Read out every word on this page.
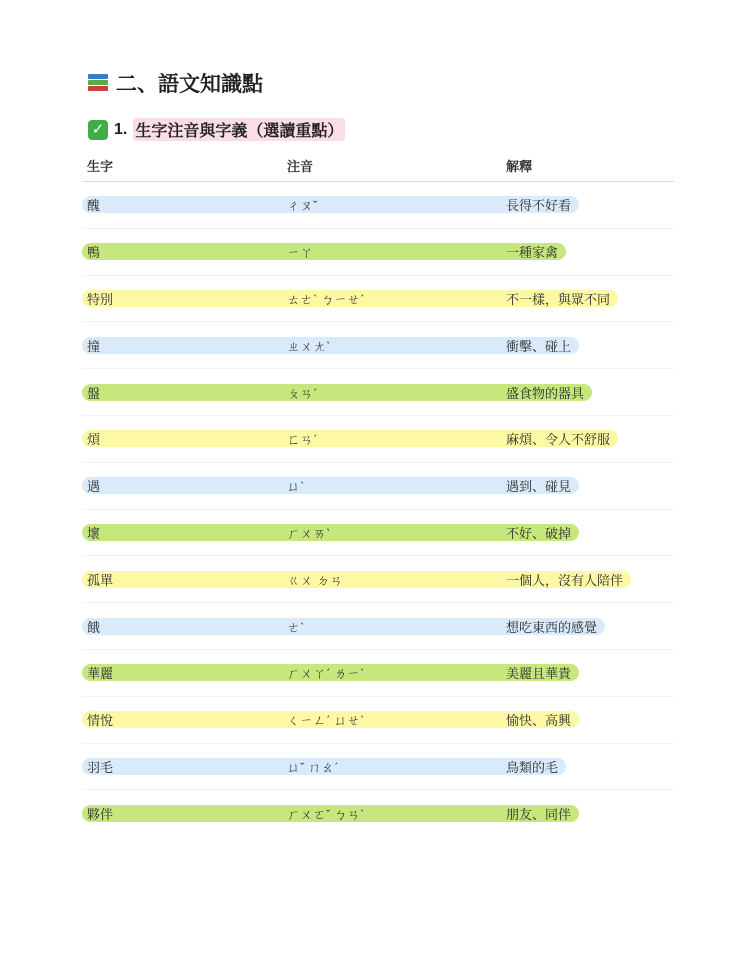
二、語文知識點
✓ 1. 生字注音與字義（選讀重點）
生字	注音	解釋
醜	ㄔㄡˇ	長得不好看
鴨	ㄧㄚ	一種家禽
特別	ㄊㄜˋ ㄅㄧㄝˊ	不一樣，與眾不同
撞	ㄓㄨㄤˋ	衝擊、碰上
盤	ㄆㄢˊ	盛食物的器具
煩	ㄈㄢˊ	麻煩、令人不舒服
遇	ㄩˋ	遇到、碰見
壞	ㄏㄨㄞˋ	不好、破掉
孤單	ㄍㄨ ㄉㄢ	一個人，沒有人陪伴
餓	ㄜˋ	想吃東西的感覺
華麗	ㄏㄨㄚˊ ㄌㄧˋ	美麗且華貴
情悅	ㄑㄧㄥˊ ㄩㄝˋ	愉快、高興
羽毛	ㄩˇ ㄇㄠˊ	鳥類的毛
夥伴	ㄏㄨㄛˇ ㄅㄢˋ	朋友、同伴
